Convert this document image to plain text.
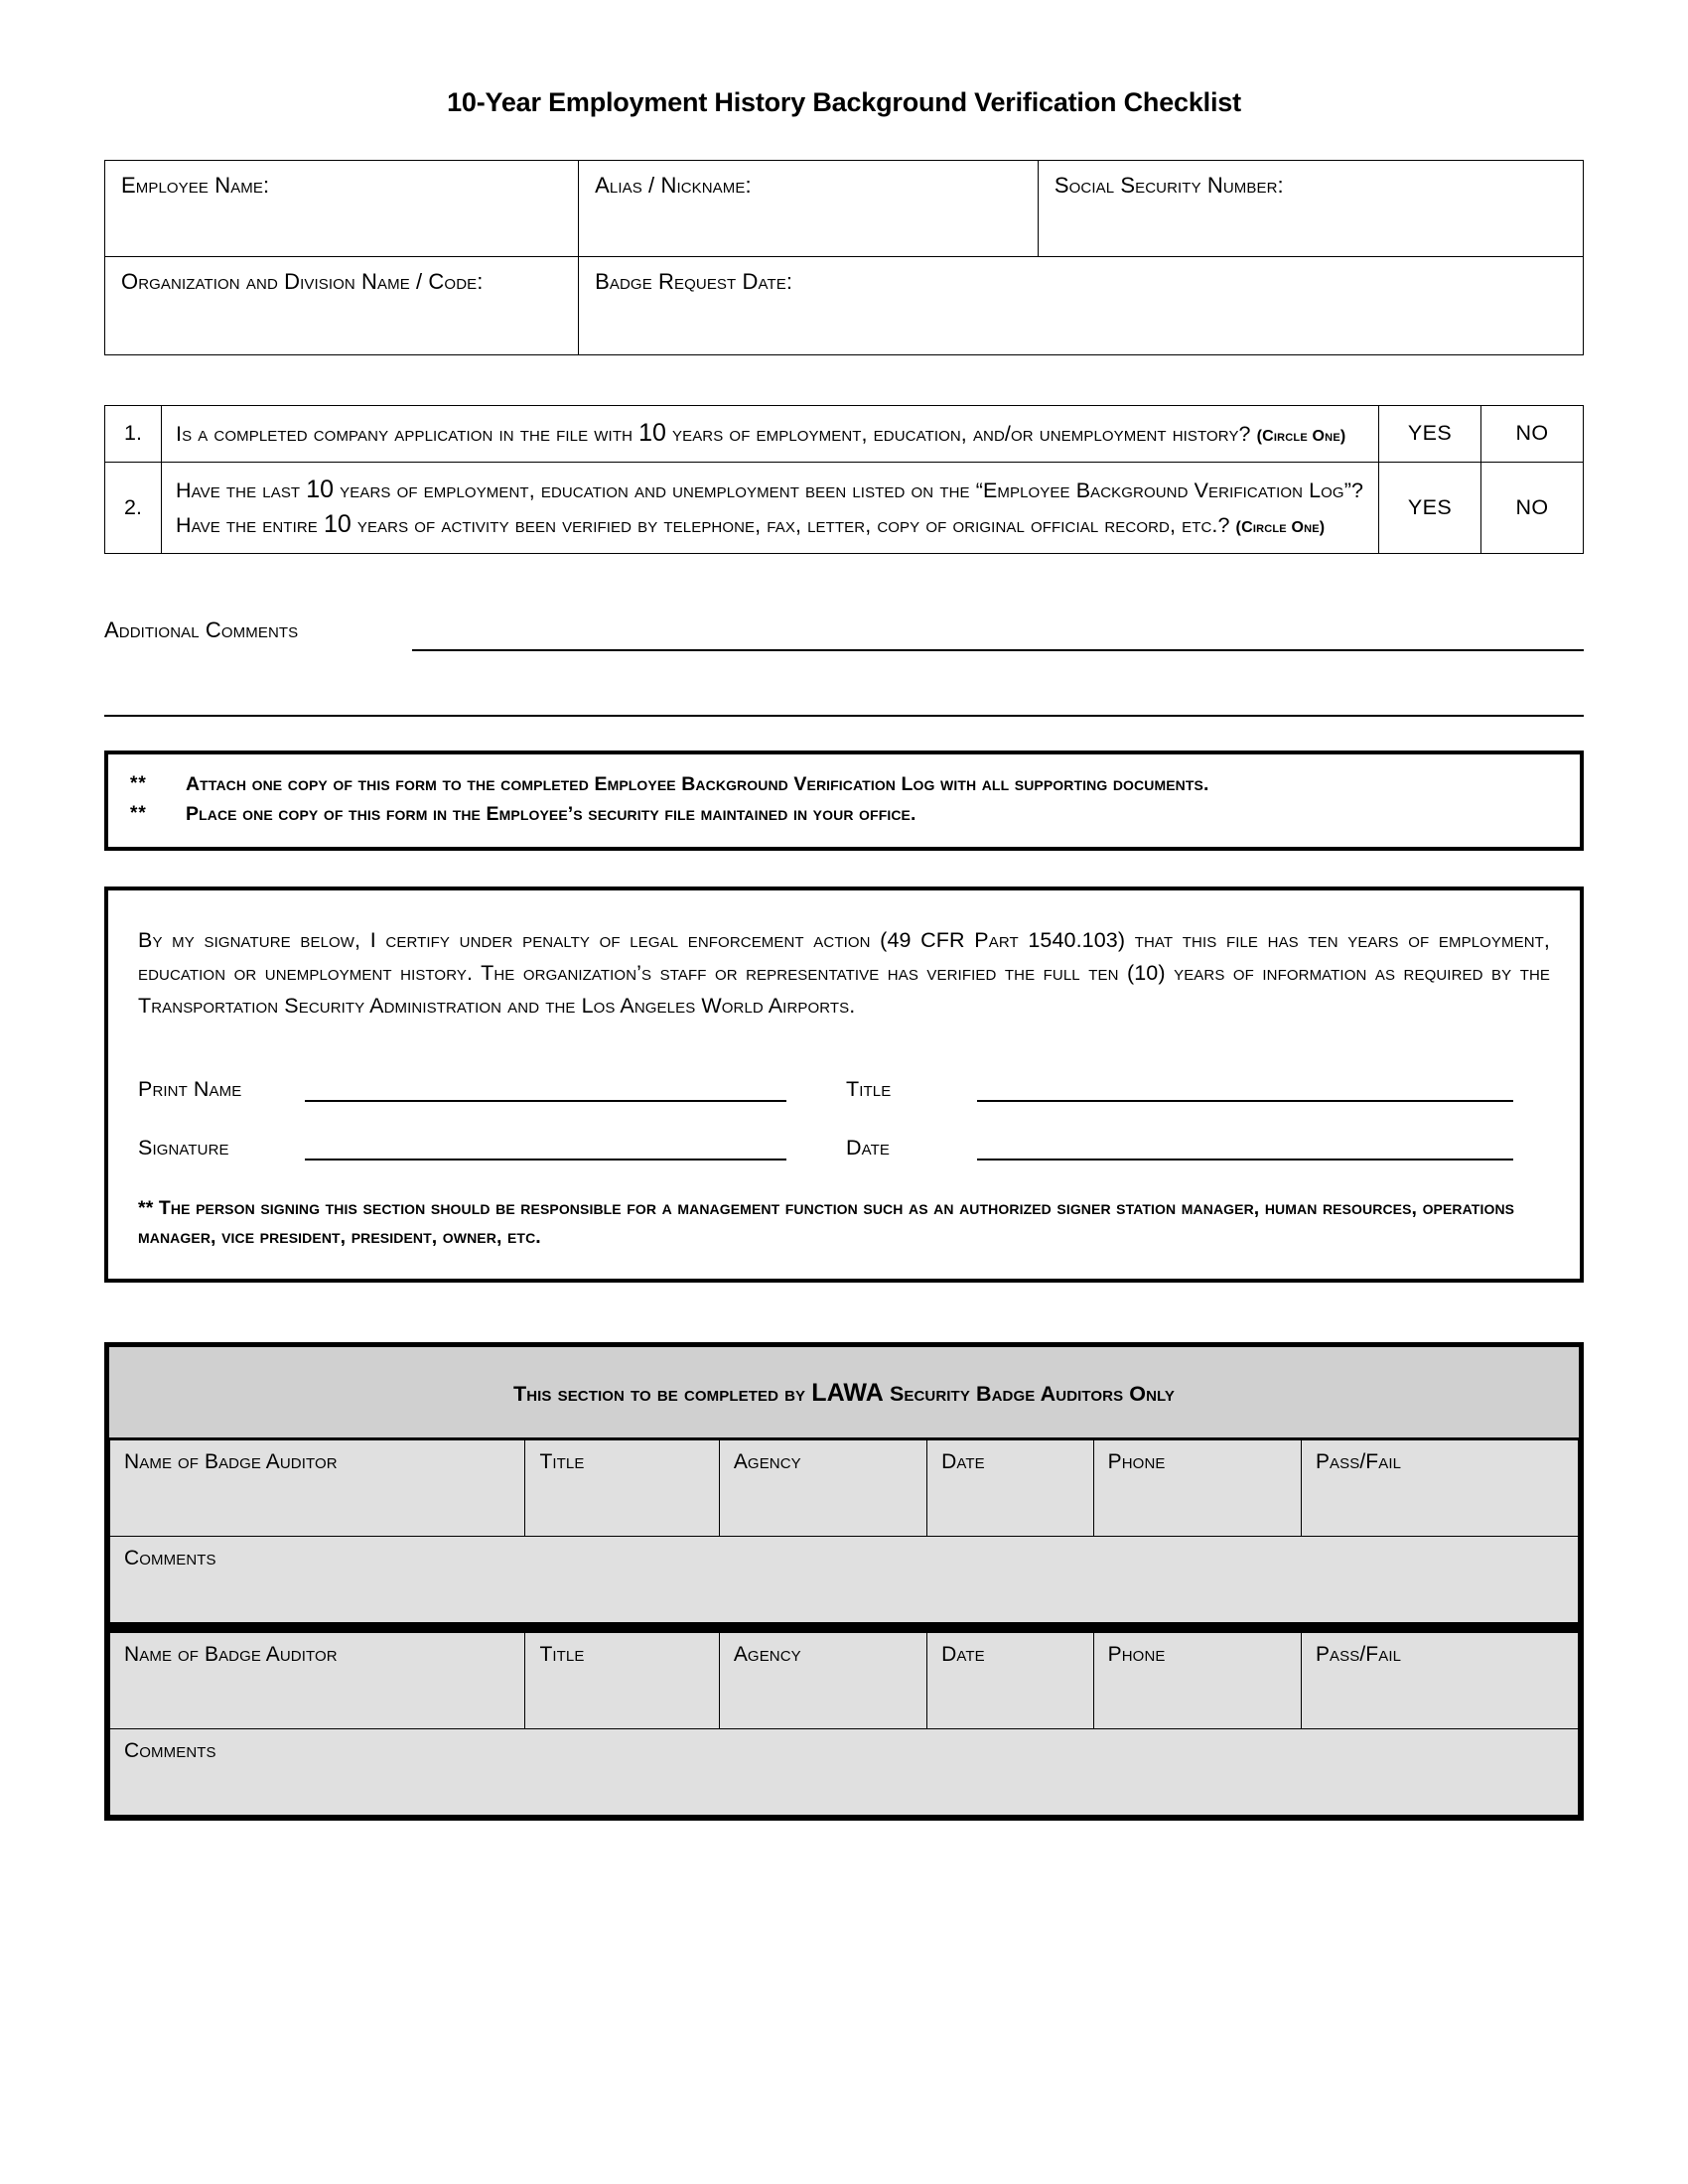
10-Year Employment History Background Verification Checklist
Employee Name:	Alias / Nickname:	Social Security Number:
Organization and Division Name / Code:	Badge Request Date:	
1.	Is a completed company application in the file with 10 years of employment, education, and/or unemployment history? (Circle One)	YES	NO
2.	Have the last 10 years of employment, education and unemployment been listed on the “Employee Background Verification Log”? Have the entire 10 years of activity been verified by telephone, fax, letter, copy of original official record, etc.? (Circle One)	YES	NO
Additional Comments
**	Attach one copy of this form to the completed Employee Background Verification Log with all supporting documents.
**	Place one copy of this form in the Employee’s security file maintained in your office.

By my signature below, I certify under penalty of legal enforcement action (49 CFR Part 1540.103) that this file has ten years of employment, education or unemployment history. The organization’s staff or representative has verified the full ten (10) years of information as required by the Transportation Security Administration and the Los Angeles World Airports.

Print Name	Title
Signature	Date
** The person signing this section should be responsible for a management function such as an authorized signer station manager, human resources, operations manager, vice president, president, owner, etc.
This section to be completed by LAWA Security Badge Auditors Only
Name of Badge Auditor	Title	Agency	Date	Phone	Pass/Fail
Comments
Name of Badge Auditor	Title	Agency	Date	Phone	Pass/Fail
Comments
